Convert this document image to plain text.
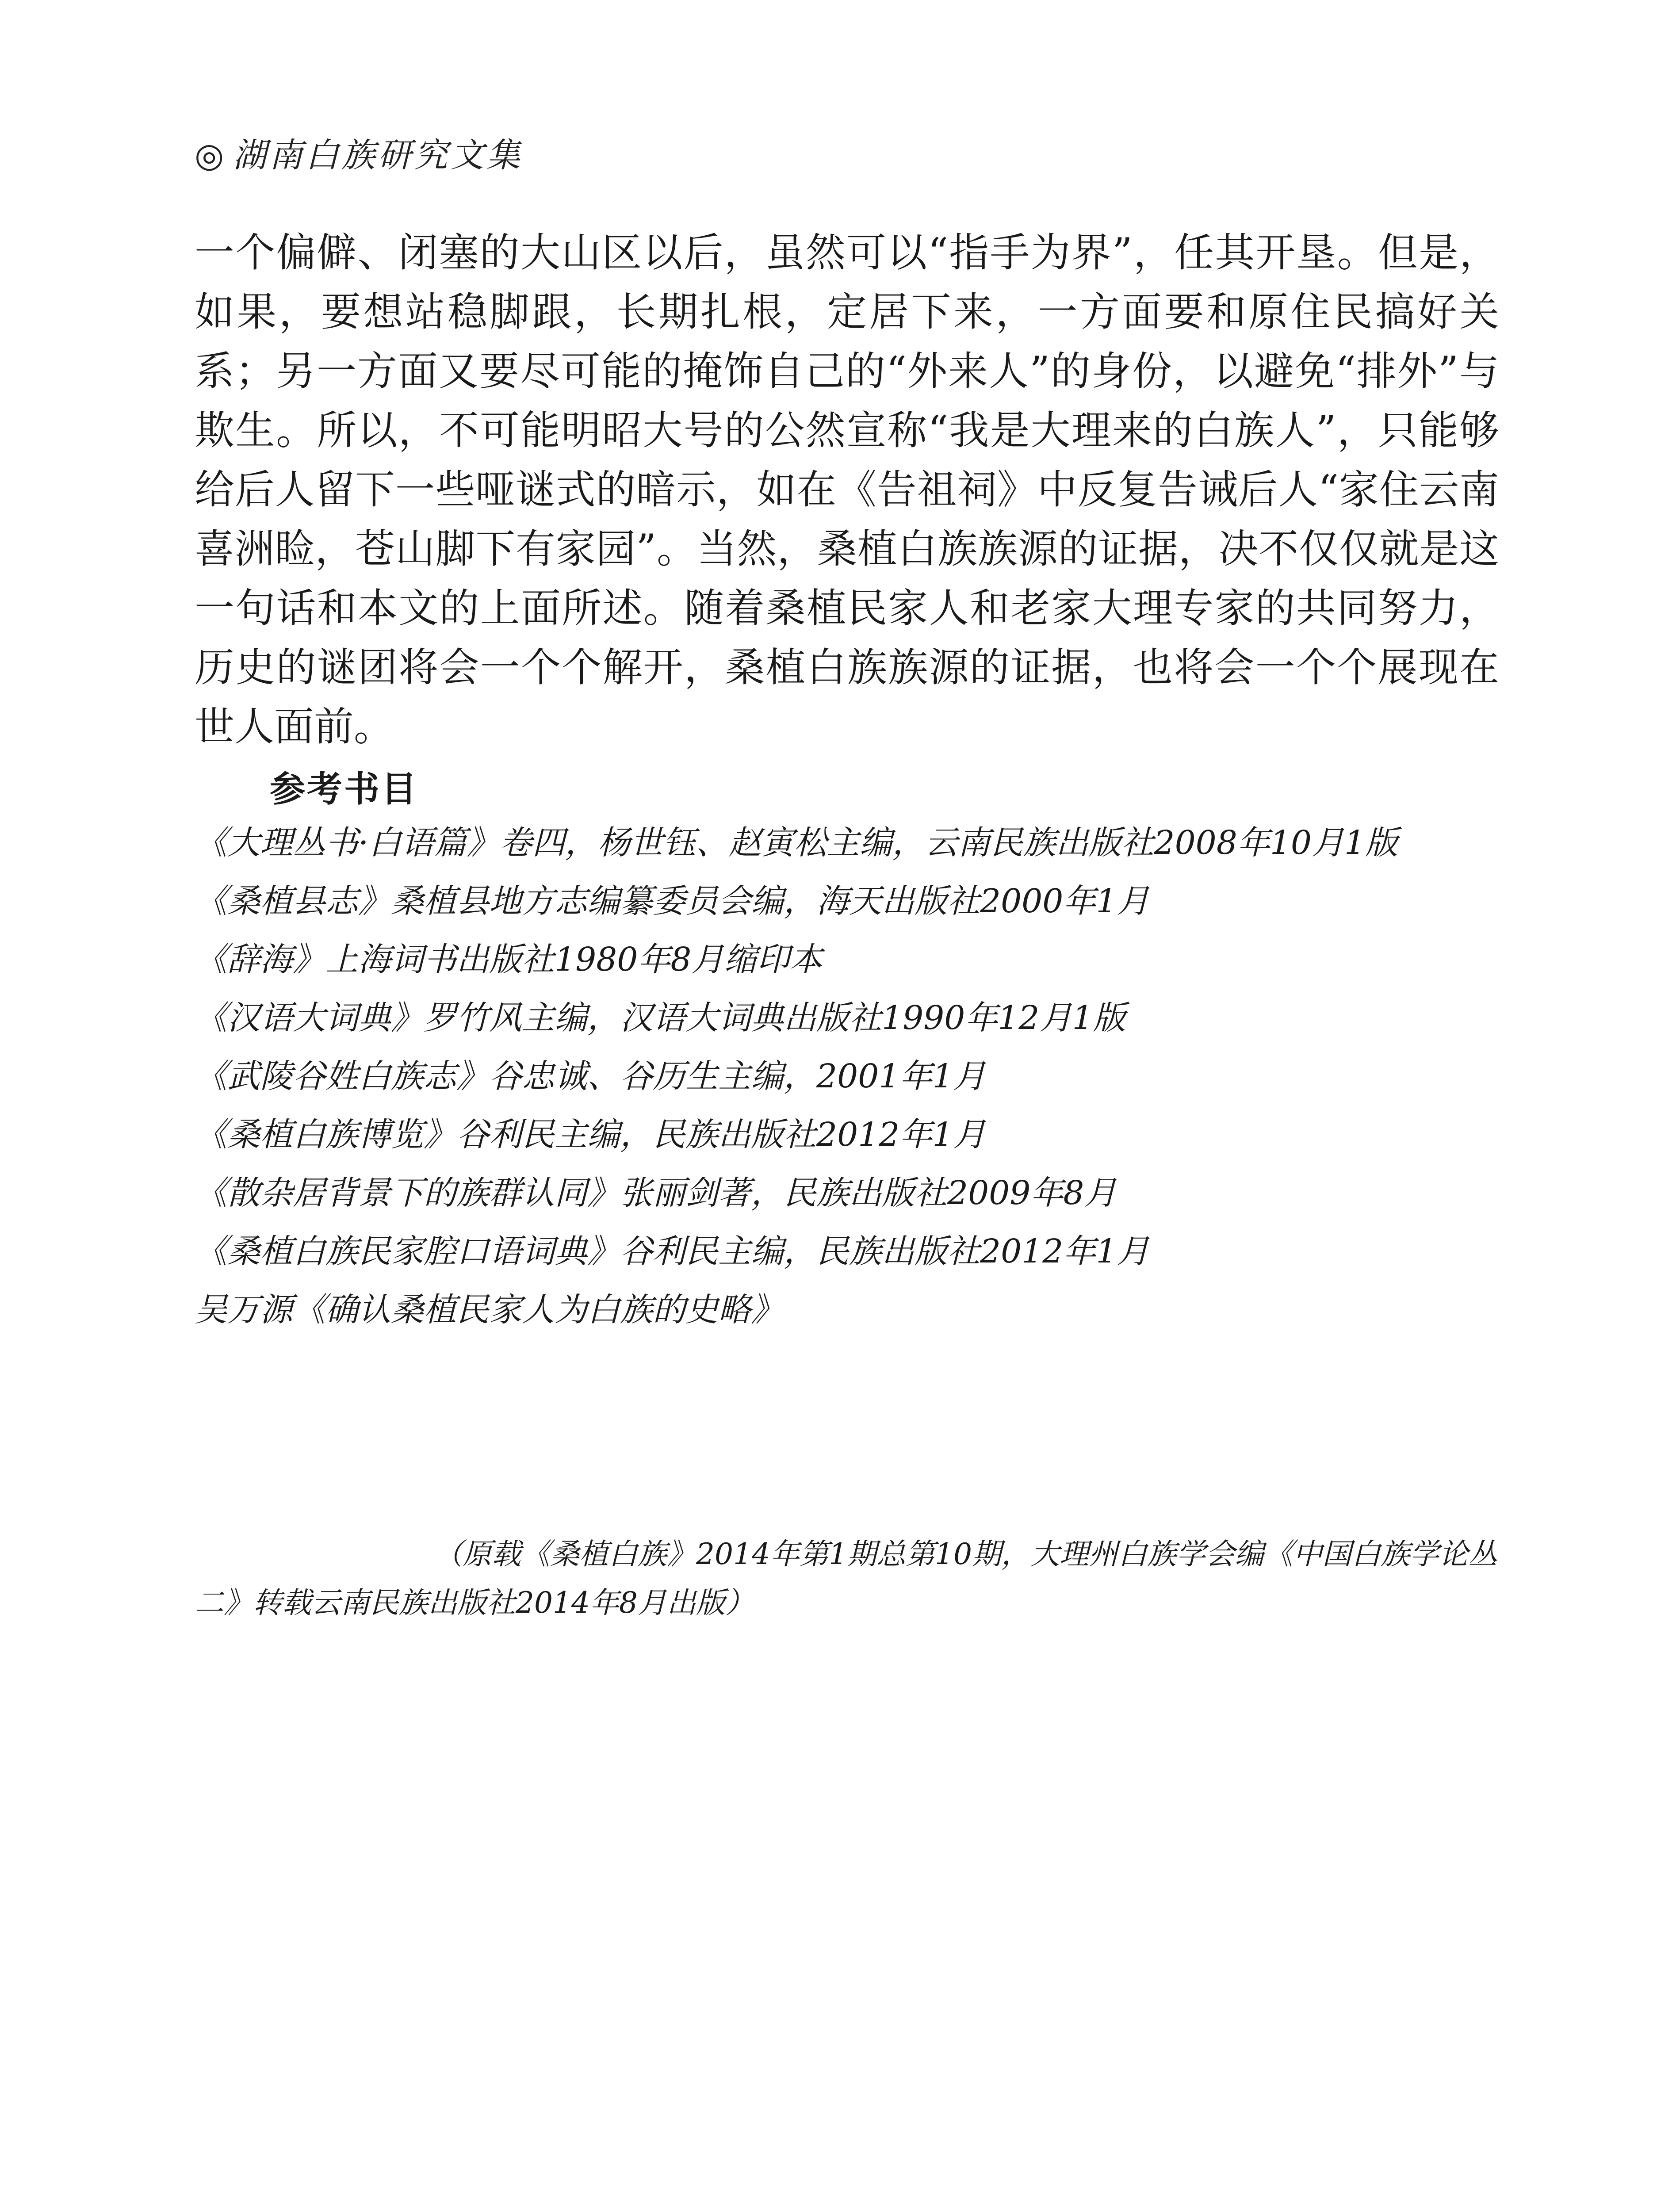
◎ 湖南白族研究文集

一个偏僻、闭塞的大山区以后，虽然可以“指手为界”，任其开垦。但是，如果，要想站稳脚跟，长期扎根，定居下来，一方面要和原住民搞好关系；另一方面又要尽可能的掩饰自己的“外来人”的身份，以避免“排外”与欺生。所以，不可能明昭大号的公然宣称“我是大理来的白族人”，只能够给后人留下一些哑谜式的暗示，如在《告祖祠》中反复告诫后人“家住云南喜洲睑，苍山脚下有家园”。当然，桑植白族族源的证据，决不仅仅就是这一句话和本文的上面所述。随着桑植民家人和老家大理专家的共同努力，历史的谜团将会一个个解开，桑植白族族源的证据，也将会一个个展现在世人面前。

参考书目
《大理丛书·白语篇》卷四，杨世钰、赵寅松主编，云南民族出版社2008年10月1版
《桑植县志》桑植县地方志编纂委员会编，海天出版社2000年1月
《辞海》上海词书出版社1980年8月缩印本
《汉语大词典》罗竹风主编，汉语大词典出版社1990年12月1版
《武陵谷姓白族志》谷忠诚、谷历生主编，2001年1月
《桑植白族博览》谷利民主编，民族出版社2012年1月
《散杂居背景下的族群认同》张丽剑著，民族出版社2009年8月
《桑植白族民家腔口语词典》谷利民主编，民族出版社2012年1月
吴万源《确认桑植民家人为白族的史略》

（原载《桑植白族》2014年第1期总第10期，大理州白族学会编《中国白族学论丛二》转载云南民族出版社2014年8月出版）
